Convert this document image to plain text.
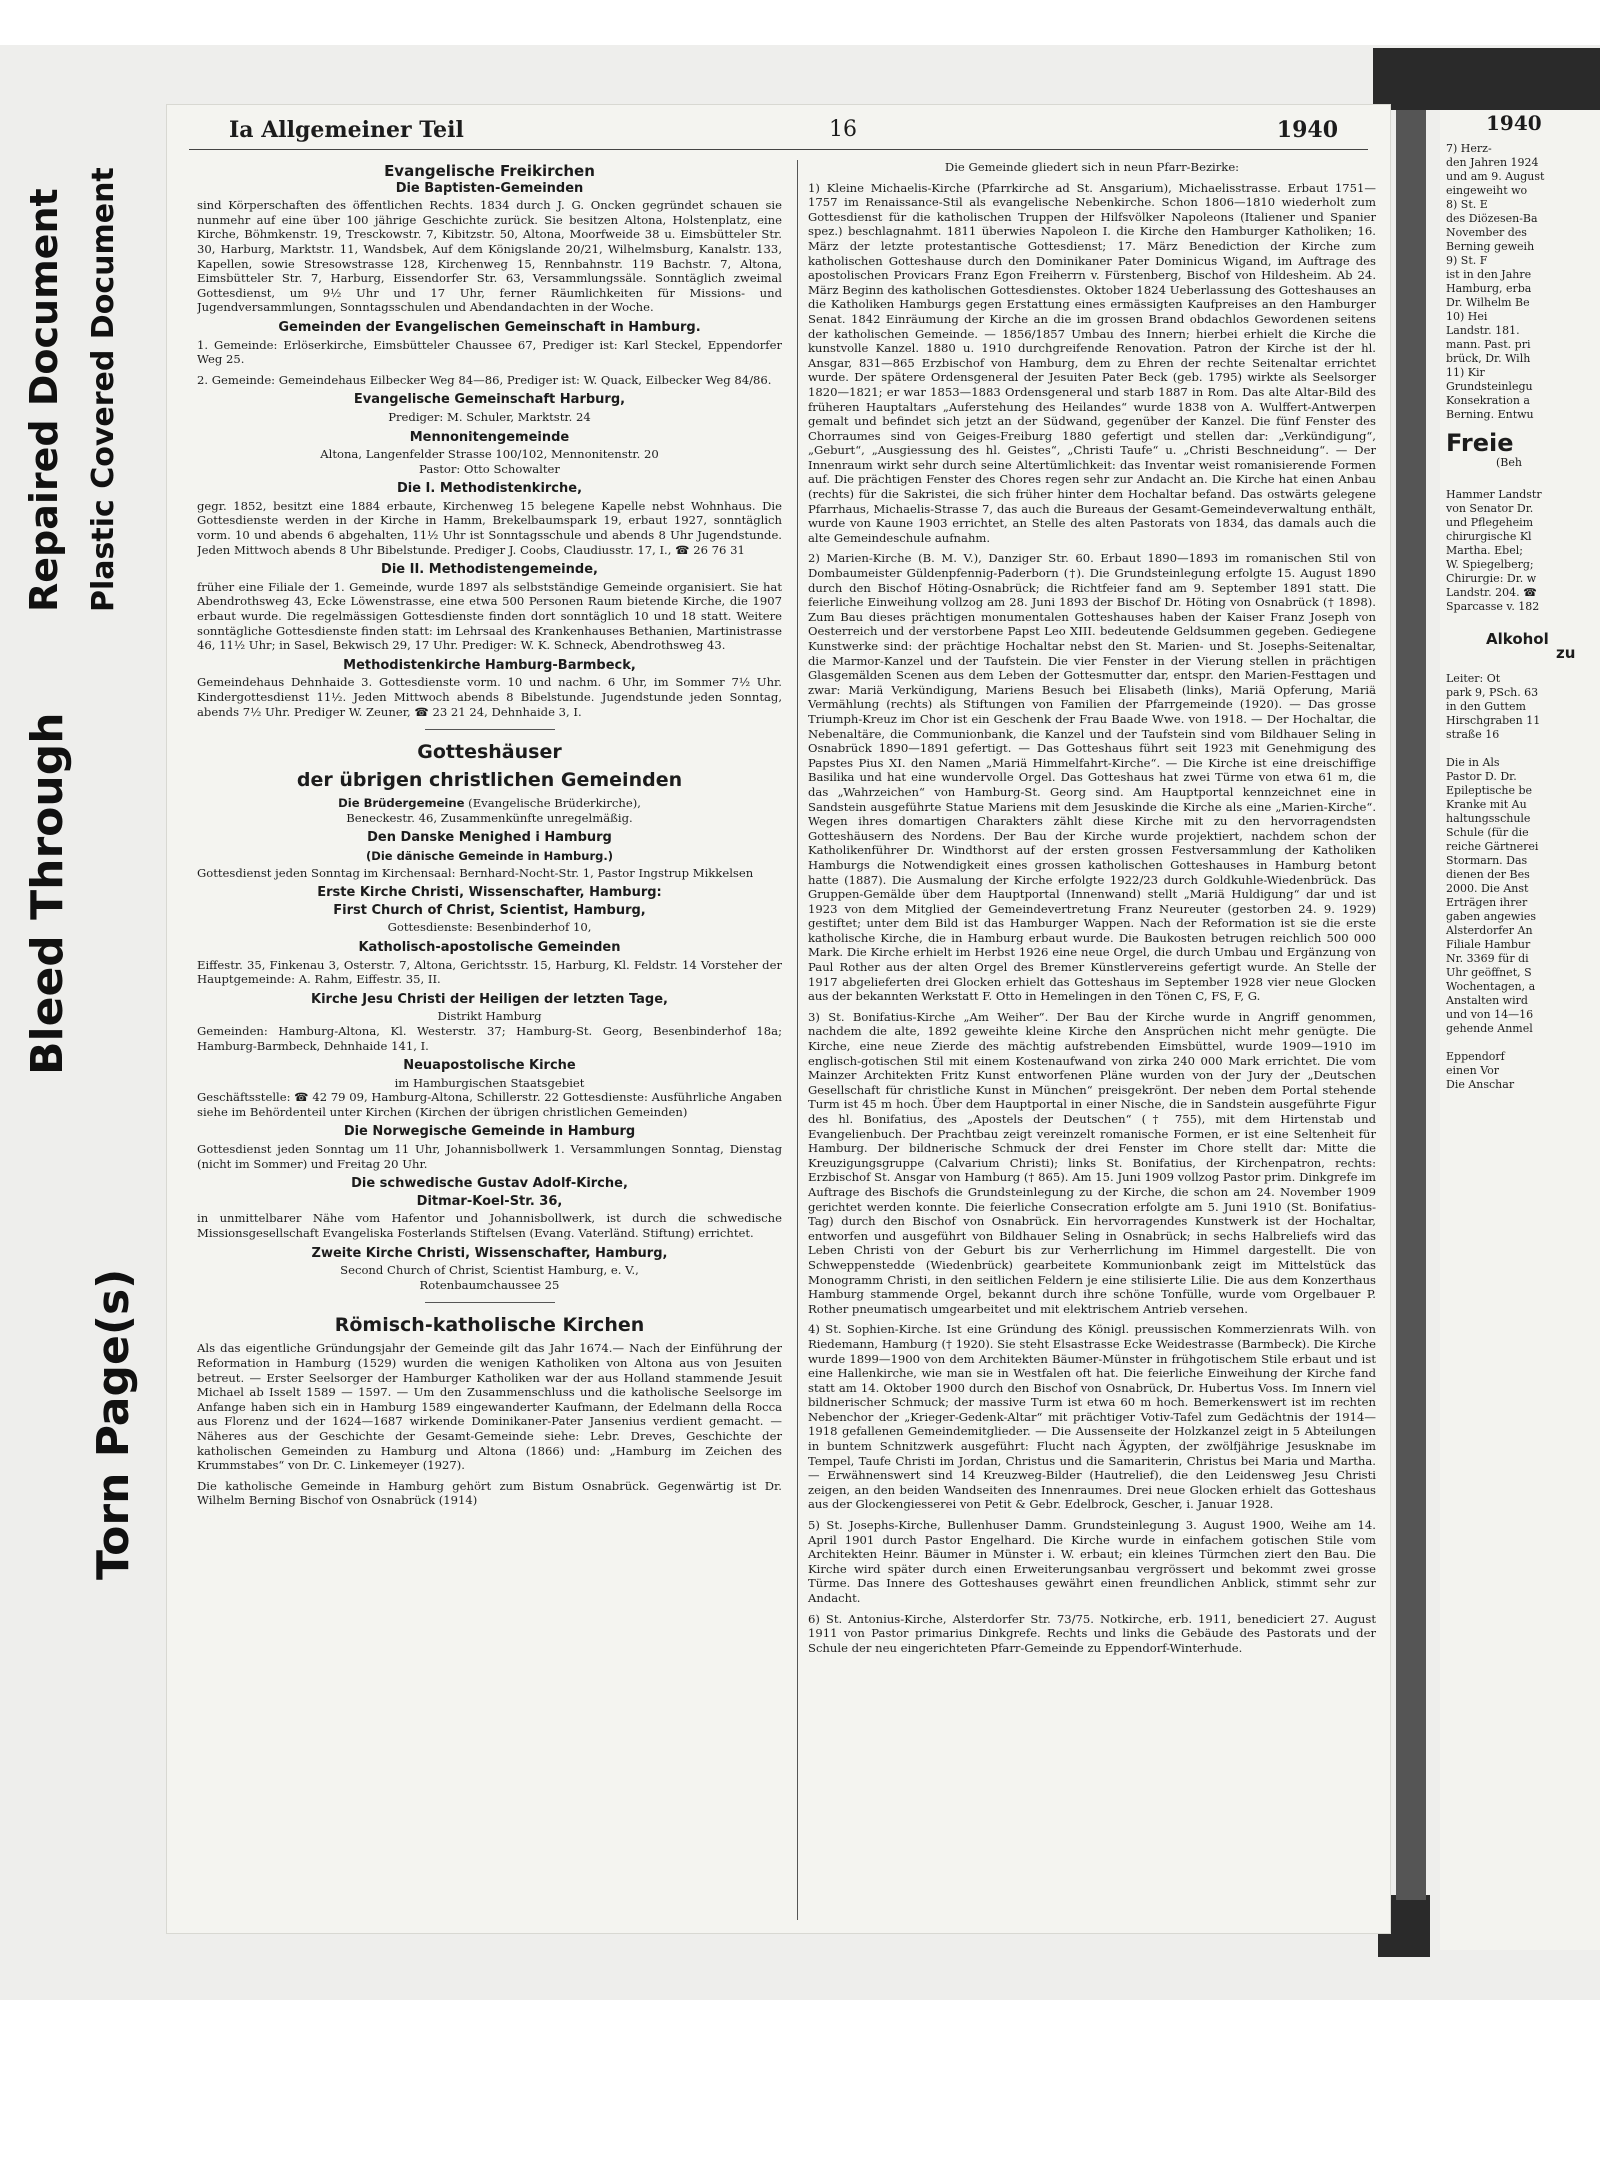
Bleed Through
Repaired Document Plastic Covered Document
Torn Page(s)
Ia Allgemeiner Teil	16	1940
Evangelische Freikirchen
Die Baptisten-Gemeinden

sind Körperschaften des öffentlichen Rechts. 1834 durch J. G. Oncken gegründet schauen sie nunmehr auf eine über 100 jährige Geschichte zurück. Sie besitzen Altona, Holstenplatz, eine Kirche, Böhmkenstr. 19, Tresckowstr. 7, Kibitzstr. 50, Altona, Moorfweide 38 u. Eimsbütteler Str. 30, Harburg, Marktstr. 11, Wandsbek, Auf dem Königslande 20/21, Wilhelmsburg, Kanalstr. 133, Kapellen, sowie Stresowstrasse 128, Kirchenweg 15, Rennbahnstr. 119 Bachstr. 7, Altona, Eimsbütteler Str. 7, Harburg, Eissendorfer Str. 63, Versammlungssäle. Sonntäglich zweimal Gottesdienst, um 9½ Uhr und 17 Uhr, ferner Räumlichkeiten für Missions- und Jugendversammlungen, Sonntagsschulen und Abendandachten in der Woche.

Gemeinden der Evangelischen Gemeinschaft in Hamburg.

1. Gemeinde: Erlöserkirche, Eimsbütteler Chaussee 67, Prediger ist: Karl Steckel, Eppendorfer Weg 25.

2. Gemeinde: Gemeindehaus Eilbecker Weg 84—86, Prediger ist: W. Quack, Eilbecker Weg 84/86.

Evangelische Gemeinschaft Harburg,

Prediger: M. Schuler, Marktstr. 24

Mennonitengemeinde

Altona, Langenfelder Strasse 100/102, Mennonitenstr. 20

Pastor: Otto Schowalter

Die I. Methodistenkirche,

gegr. 1852, besitzt eine 1884 erbaute, Kirchenweg 15 belegene Kapelle nebst Wohnhaus. Die Gottesdienste werden in der Kirche in Hamm, Brekelbaumspark 19, erbaut 1927, sonntäglich vorm. 10 und abends 6 abgehalten, 11½ Uhr ist Sonntagsschule und abends 8 Uhr Jugendstunde. Jeden Mittwoch abends 8 Uhr Bibelstunde. Prediger J. Coobs, Claudiusstr. 17, I., ☎ 26 76 31

Die II. Methodistengemeinde,

früher eine Filiale der 1. Gemeinde, wurde 1897 als selbstständige Gemeinde organisiert. Sie hat Abendrothsweg 43, Ecke Löwenstrasse, eine etwa 500 Personen Raum bietende Kirche, die 1907 erbaut wurde. Die regelmässigen Gottesdienste finden dort sonntäglich 10 und 18 statt. Weitere sonntägliche Gottesdienste finden statt: im Lehrsaal des Krankenhauses Bethanien, Martinistrasse 46, 11½ Uhr; in Sasel, Bekwisch 29, 17 Uhr. Prediger: W. K. Schneck, Abendrothsweg 43.

Methodistenkirche Hamburg-Barmbeck,

Gemeindehaus Dehnhaide 3. Gottesdienste vorm. 10 und nachm. 6 Uhr, im Sommer 7½ Uhr. Kindergottesdienst 11½. Jeden Mittwoch abends 8 Bibelstunde. Jugendstunde jeden Sonntag, abends 7½ Uhr. Prediger W. Zeuner, ☎ 23 21 24, Dehnhaide 3, I.

Gotteshäuser
der übrigen christlichen Gemeinden
Die Brüdergemeine (Evangelische Brüderkirche),

Beneckestr. 46, Zusammenkünfte unregelmäßig.

Den Danske Menighed i Hamburg
(Die dänische Gemeinde in Hamburg.)

Gottesdienst jeden Sonntag im Kirchensaal: Bernhard-Nocht-Str. 1, Pastor Ingstrup Mikkelsen

Erste Kirche Christi, Wissenschafter, Hamburg:
First Church of Christ, Scientist, Hamburg,

Gottesdienste: Besenbinderhof 10,

Katholisch-apostolische Gemeinden

Eiffestr. 35, Finkenau 3, Osterstr. 7, Altona, Gerichtsstr. 15, Harburg, Kl. Feldstr. 14 Vorsteher der Hauptgemeinde: A. Rahm, Eiffestr. 35, II.

Kirche Jesu Christi der Heiligen der letzten Tage,
Distrikt Hamburg

Gemeinden: Hamburg-Altona, Kl. Westerstr. 37; Hamburg-St. Georg, Besenbinderhof 18a; Hamburg-Barmbeck, Dehnhaide 141, I.

Neuapostolische Kirche
im Hamburgischen Staatsgebiet

Geschäftsstelle: ☎ 42 79 09, Hamburg-Altona, Schillerstr. 22 Gottesdienste: Ausführliche Angaben siehe im Behördenteil unter Kirchen (Kirchen der übrigen christlichen Gemeinden)

Die Norwegische Gemeinde in Hamburg

Gottesdienst jeden Sonntag um 11 Uhr, Johannisbollwerk 1. Versammlungen Sonntag, Dienstag (nicht im Sommer) und Freitag 20 Uhr.

Die schwedische Gustav Adolf-Kirche,
Ditmar-Koel-Str. 36,

in unmittelbarer Nähe vom Hafentor und Johannisbollwerk, ist durch die schwedische Missionsgesellschaft Evangeliska Fosterlands Stiftelsen (Evang. Vaterländ. Stiftung) errichtet.

Zweite Kirche Christi, Wissenschafter, Hamburg,
Second Church of Christ, Scientist Hamburg, e. V.,
Rotenbaumchaussee 25
Römisch-katholische Kirchen

Als das eigentliche Gründungsjahr der Gemeinde gilt das Jahr 1674.— Nach der Einführung der Reformation in Hamburg (1529) wurden die wenigen Katholiken von Altona aus von Jesuiten betreut. — Erster Seelsorger der Hamburger Katholiken war der aus Holland stammende Jesuit Michael ab Isselt 1589 — 1597. — Um den Zusammenschluss und die katholische Seelsorge im Anfange haben sich ein in Hamburg 1589 eingewanderter Kaufmann, der Edelmann della Rocca aus Florenz und der 1624—1687 wirkende Dominikaner-Pater Jansenius verdient gemacht. — Näheres aus der Geschichte der Gesamt-Gemeinde siehe: Lebr. Dreves, Geschichte der katholischen Gemeinden zu Hamburg und Altona (1866) und: „Hamburg im Zeichen des Krummstabes“ von Dr. C. Linkemeyer (1927).

Die katholische Gemeinde in Hamburg gehört zum Bistum Osnabrück. Gegenwärtig ist Dr. Wilhelm Berning Bischof von Osnabrück (1914)

Die Gemeinde gliedert sich in neun Pfarr-Bezirke:

1) Kleine Michaelis-Kirche (Pfarrkirche ad St. Ansgarium), Michaelisstrasse. Erbaut 1751—1757 im Renaissance-Stil als evangelische Nebenkirche. Schon 1806—1810 wiederholt zum Gottesdienst für die katholischen Truppen der Hilfsvölker Napoleons (Italiener und Spanier spez.) beschlagnahmt. 1811 überwies Napoleon I. die Kirche den Hamburger Katholiken; 16. März der letzte protestantische Gottesdienst; 17. März Benediction der Kirche zum katholischen Gotteshause durch den Dominikaner Pater Dominicus Wigand, im Auftrage des apostolischen Provicars Franz Egon Freiherrn v. Fürstenberg, Bischof von Hildesheim. Ab 24. März Beginn des katholischen Gottesdienstes. Oktober 1824 Ueberlassung des Gotteshauses an die Katholiken Hamburgs gegen Erstattung eines ermässigten Kaufpreises an den Hamburger Senat. 1842 Einräumung der Kirche an die im grossen Brand obdachlos Gewordenen seitens der katholischen Gemeinde. — 1856/1857 Umbau des Innern; hierbei erhielt die Kirche die kunstvolle Kanzel. 1880 u. 1910 durchgreifende Renovation. Patron der Kirche ist der hl. Ansgar, 831—865 Erzbischof von Hamburg, dem zu Ehren der rechte Seitenaltar errichtet wurde. Der spätere Ordensgeneral der Jesuiten Pater Beck (geb. 1795) wirkte als Seelsorger 1820—1821; er war 1853—1883 Ordensgeneral und starb 1887 in Rom. Das alte Altar-Bild des früheren Hauptaltars „Auferstehung des Heilandes“ wurde 1838 von A. Wulffert-Antwerpen gemalt und befindet sich jetzt an der Südwand, gegenüber der Kanzel. Die fünf Fenster des Chorraumes sind von Geiges-Freiburg 1880 gefertigt und stellen dar: „Verkündigung“, „Geburt“, „Ausgiessung des hl. Geistes“, „Christi Taufe“ u. „Christi Beschneidung“. — Der Innenraum wirkt sehr durch seine Altertümlichkeit: das Inventar weist romanisierende Formen auf. Die prächtigen Fenster des Chores regen sehr zur Andacht an. Die Kirche hat einen Anbau (rechts) für die Sakristei, die sich früher hinter dem Hochaltar befand. Das ostwärts gelegene Pfarrhaus, Michaelis-Strasse 7, das auch die Bureaus der Gesamt-Gemeindeverwaltung enthält, wurde von Kaune 1903 errichtet, an Stelle des alten Pastorats von 1834, das damals auch die alte Gemeindeschule aufnahm.

2) Marien-Kirche (B. M. V.), Danziger Str. 60. Erbaut 1890—1893 im romanischen Stil von Dombaumeister Güldenpfennig-Paderborn (†). Die Grundsteinlegung erfolgte 15. August 1890 durch den Bischof Höting-Osnabrück; die Richtfeier fand am 9. September 1891 statt. Die feierliche Einweihung vollzog am 28. Juni 1893 der Bischof Dr. Höting von Osnabrück († 1898). Zum Bau dieses prächtigen monumentalen Gotteshauses haben der Kaiser Franz Joseph von Oesterreich und der verstorbene Papst Leo XIII. bedeutende Geldsummen gegeben. Gediegene Kunstwerke sind: der prächtige Hochaltar nebst den St. Marien- und St. Josephs-Seitenaltar, die Marmor-Kanzel und der Taufstein. Die vier Fenster in der Vierung stellen in prächtigen Glasgemälden Scenen aus dem Leben der Gottesmutter dar, entspr. den Marien-Festtagen und zwar: Mariä Verkündigung, Mariens Besuch bei Elisabeth (links), Mariä Opferung, Mariä Vermählung (rechts) als Stiftungen von Familien der Pfarrgemeinde (1920). — Das grosse Triumph-Kreuz im Chor ist ein Geschenk der Frau Baade Wwe. von 1918. — Der Hochaltar, die Nebenaltäre, die Communionbank, die Kanzel und der Taufstein sind vom Bildhauer Seling in Osnabrück 1890—1891 gefertigt. — Das Gotteshaus führt seit 1923 mit Genehmigung des Papstes Pius XI. den Namen „Mariä Himmelfahrt-Kirche“. — Die Kirche ist eine dreischiffige Basilika und hat eine wundervolle Orgel. Das Gotteshaus hat zwei Türme von etwa 61 m, die das „Wahrzeichen“ von Hamburg-St. Georg sind. Am Hauptportal kennzeichnet eine in Sandstein ausgeführte Statue Mariens mit dem Jesuskinde die Kirche als eine „Marien-Kirche“. Wegen ihres domartigen Charakters zählt diese Kirche mit zu den hervorragendsten Gotteshäusern des Nordens. Der Bau der Kirche wurde projektiert, nachdem schon der Katholikenführer Dr. Windthorst auf der ersten grossen Festversammlung der Katholiken Hamburgs die Notwendigkeit eines grossen katholischen Gotteshauses in Hamburg betont hatte (1887). Die Ausmalung der Kirche erfolgte 1922/23 durch Goldkuhle-Wiedenbrück. Das Gruppen-Gemälde über dem Hauptportal (Innenwand) stellt „Mariä Huldigung“ dar und ist 1923 von dem Mitglied der Gemeindevertretung Franz Neureuter (gestorben 24. 9. 1929) gestiftet; unter dem Bild ist das Hamburger Wappen. Nach der Reformation ist sie die erste katholische Kirche, die in Hamburg erbaut wurde. Die Baukosten betrugen reichlich 500 000 Mark. Die Kirche erhielt im Herbst 1926 eine neue Orgel, die durch Umbau und Ergänzung von Paul Rother aus der alten Orgel des Bremer Künstlervereins gefertigt wurde. An Stelle der 1917 abgelieferten drei Glocken erhielt das Gotteshaus im September 1928 vier neue Glocken aus der bekannten Werkstatt F. Otto in Hemelingen in den Tönen C, FS, F, G.

3) St. Bonifatius-Kirche „Am Weiher“. Der Bau der Kirche wurde in Angriff genommen, nachdem die alte, 1892 geweihte kleine Kirche den Ansprüchen nicht mehr genügte. Die Kirche, eine neue Zierde des mächtig aufstrebenden Eimsbüttel, wurde 1909—1910 im englisch-gotischen Stil mit einem Kostenaufwand von zirka 240 000 Mark errichtet. Die vom Mainzer Architekten Fritz Kunst entworfenen Pläne wurden von der Jury der „Deutschen Gesellschaft für christliche Kunst in München“ preisgekrönt. Der neben dem Portal stehende Turm ist 45 m hoch. Über dem Hauptportal in einer Nische, die in Sandstein ausgeführte Figur des hl. Bonifatius, des „Apostels der Deutschen“ († 755), mit dem Hirtenstab und Evangelienbuch. Der Prachtbau zeigt vereinzelt romanische Formen, er ist eine Seltenheit für Hamburg. Der bildnerische Schmuck der drei Fenster im Chore stellt dar: Mitte die Kreuzigungsgruppe (Calvarium Christi); links St. Bonifatius, der Kirchenpatron, rechts: Erzbischof St. Ansgar von Hamburg († 865). Am 15. Juni 1909 vollzog Pastor prim. Dinkgrefe im Auftrage des Bischofs die Grundsteinlegung zu der Kirche, die schon am 24. November 1909 gerichtet werden konnte. Die feierliche Consecration erfolgte am 5. Juni 1910 (St. Bonifatius-Tag) durch den Bischof von Osnabrück. Ein hervorragendes Kunstwerk ist der Hochaltar, entworfen und ausgeführt von Bildhauer Seling in Osnabrück; in sechs Halbreliefs wird das Leben Christi von der Geburt bis zur Verherrlichung im Himmel dargestellt. Die von Schweppenstedde (Wiedenbrück) gearbeitete Kommunionbank zeigt im Mittelstück das Monogramm Christi, in den seitlichen Feldern je eine stilisierte Lilie. Die aus dem Konzerthaus Hamburg stammende Orgel, bekannt durch ihre schöne Tonfülle, wurde vom Orgelbauer P. Rother pneumatisch umgearbeitet und mit elektrischem Antrieb versehen.

4) St. Sophien-Kirche. Ist eine Gründung des Königl. preussischen Kommerzienrats Wilh. von Riedemann, Hamburg († 1920). Sie steht Elsastrasse Ecke Weidestrasse (Barmbeck). Die Kirche wurde 1899—1900 von dem Architekten Bäumer-Münster in frühgotischem Stile erbaut und ist eine Hallenkirche, wie man sie in Westfalen oft hat. Die feierliche Einweihung der Kirche fand statt am 14. Oktober 1900 durch den Bischof von Osnabrück, Dr. Hubertus Voss. Im Innern viel bildnerischer Schmuck; der massive Turm ist etwa 60 m hoch. Bemerkenswert ist im rechten Nebenchor der „Krieger-Gedenk-Altar“ mit prächtiger Votiv-Tafel zum Gedächtnis der 1914—1918 gefallenen Gemeindemitglieder. — Die Aussenseite der Holzkanzel zeigt in 5 Abteilungen in buntem Schnitzwerk ausgeführt: Flucht nach Ägypten, der zwölfjährige Jesusknabe im Tempel, Taufe Christi im Jordan, Christus und die Samariterin, Christus bei Maria und Martha. — Erwähnenswert sind 14 Kreuzweg-Bilder (Hautrelief), die den Leidensweg Jesu Christi zeigen, an den beiden Wandseiten des Innenraumes. Drei neue Glocken erhielt das Gotteshaus aus der Glockengiesserei von Petit & Gebr. Edelbrock, Gescher, i. Januar 1928.

5) St. Josephs-Kirche, Bullenhuser Damm. Grundsteinlegung 3. August 1900, Weihe am 14. April 1901 durch Pastor Engelhard. Die Kirche wurde in einfachem gotischen Stile vom Architekten Heinr. Bäumer in Münster i. W. erbaut; ein kleines Türmchen ziert den Bau. Die Kirche wird später durch einen Erweiterungsanbau vergrössert und bekommt zwei grosse Türme. Das Innere des Gotteshauses gewährt einen freundlichen Anblick, stimmt sehr zur Andacht.

6) St. Antonius-Kirche, Alsterdorfer Str. 73/75. Notkirche, erb. 1911, benediciert 27. August 1911 von Pastor primarius Dinkgrefe. Rechts und links die Gebäude des Pastorats und der Schule der neu eingerichteten Pfarr-Gemeinde zu Eppendorf-Winterhude.

1940
7) Herz-
den Jahren 1924
und am 9. August
eingeweiht wo
8) St. E
des Diözesen-Ba
November des
Berning geweih
9) St. F
ist in den Jahre
Hamburg, erba
Dr. Wilhelm Be
10) Hei
Landstr. 181.
mann. Past. pri
brück, Dr. Wilh
11) Kir
Grundsteinlegu
Konsekration a
Berning. Entwu
Freie
(Beh
Hammer Landstr
von Senator Dr.
und Pflegeheim
chirurgische Kl
Martha. Ebel;
W. Spiegelberg;
Chirurgie: Dr. w
Landstr. 204. ☎
Sparcasse v. 182
Alkohol
zu
Leiter: Ot
park 9, PSch. 63
in den Guttem
Hirschgraben 11
straße 16

Die in Als
Pastor D. Dr.
Epileptische be
Kranke mit Au
haltungsschule
Schule (für die
reiche Gärtnerei
Stormarn. Das
dienen der Bes
2000. Die Anst
Erträgen ihrer
gaben angewies
Alsterdorfer An
Filiale Hambur
Nr. 3369 für di
Uhr geöffnet, S
Wochentagen, a
Anstalten wird
und von 14—16
gehende Anmel

Eppendorf
einen Vor
Die Anschar
